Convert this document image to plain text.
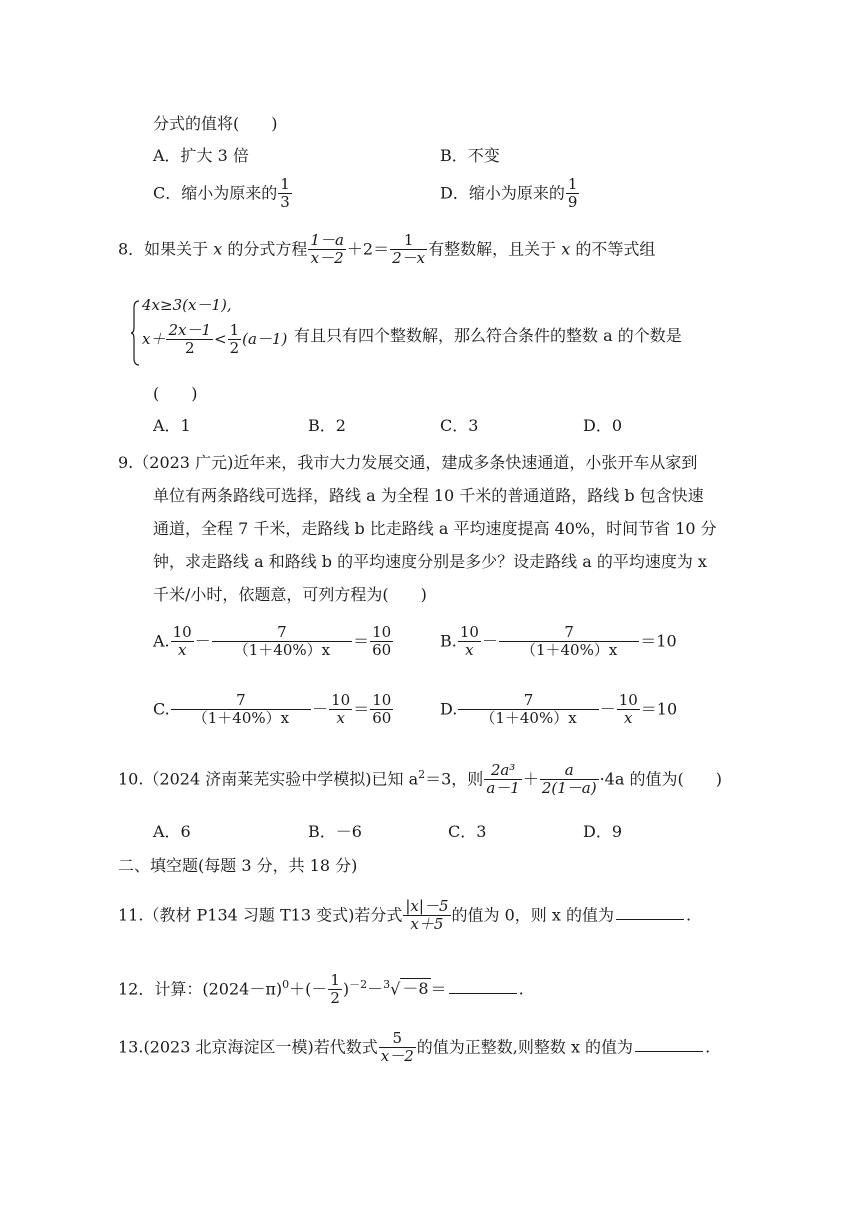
分式的值将(　　)
A．扩大 3 倍	B．不变
C．缩小为原来的 $\frac{1}{3}$	D．缩小为原来的 $\frac{1}{9}$
8．如果关于 x 的分式方程 $\frac{1-a}{x-2} +2= \frac{1}{2-x}$ 有整数解，且关于 x 的不等式组
4x≥3(x－1),
$x+ \frac{2x-1}{2} < \frac{1}{2} (a-1)$ 有且只有四个整数解，那么符合条件的整数 a 的个数是
(　　)
A．1	B．2	C．3	D．0
9.（2023 广元)近年来，我市大力发展交通，建成多条快速通道，小张开车从家到
单位有两条路线可选择，路线 a 为全程 10 千米的普通道路，路线 b 包含快速
通道，全程 7 千米，走路线 b 比走路线 a 平均速度提高 40%，时间节省 10 分
钟，求走路线 a 和路线 b 的平均速度分别是多少？设走路线 a 的平均速度为 x
千米/小时，依题意，可列方程为(　　)
A. $\frac{10}{x} - \frac{7}{(1+40\%)x} = \frac{10}{60}$	B. $\frac{10}{x} - \frac{7}{(1+40\%)x} =10$
C. $\frac{7}{(1+40\%)x} - \frac{10}{x} = \frac{10}{60}$	D. $\frac{7}{(1+40\%)x} - \frac{10}{x} =10$
10.（2024 济南莱芜实验中学模拟)已知 $a^2=3$，则 $\frac{\text{2a³}}{a-1} + \frac{a}{2(1-a)} \cdot 4a$ 的值为(　　)
A．6	B．－6	C．3	D．9
二、填空题(每题 3 分，共 18 分)
11.（教材 P134 习题 T13 变式)若分式 $\frac{|x|-5}{x+5}$ 的值为 0，则 x 的值为	.
12．计算：$(2024-\pi)^0+(- \frac{1}{2} )^{-2}-^3√ -8$ ＝	.
13.(2023 北京海淀区一模)若代数式 $\frac{5}{x-2}$ 的值为正整数,则整数 x 的值为	.
